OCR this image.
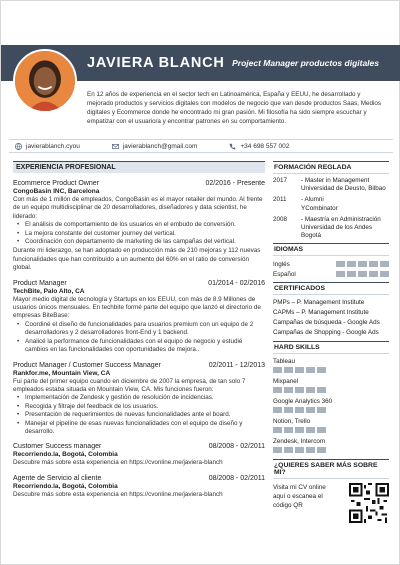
JAVIERA BLANCH Project Manager productos digitales
En 12 años de experiencia en el sector tech en Latinoamérica, España y EEUU, he desarrollado y mejorado productos y servicios digitales con modelos de negocio que van desde productos Saas, Medios digitales y Ecommerce donde he encontrado mi gran pasión. Mi filosofía ha sido siempre escuchar y empatizar con el usuario/a y encontrar patrones en su comportamiento.
javierablanch.cyou	javierablanch@gmail.com	+34 698 557 002
EXPERIENCIA PROFESIONAL
Ecommerce Product Owner	02/2016 - Presente
CongoBasin INC, Barcelona
Con más de 1 millón de empleados, CongoBasin es el mayor retailer del mundo. Al frente de un equipo multidisciplinar de 20 desarrolladores, diseñadores y data scientist, he liderado:
• El análisis de comportamiento de los usuarios en el embudo de conversión.
• La mejora constante del customer journey del vertical.
• Coordinación con departamento de marketing de las campañas del vertical.
Durante mi liderazgo, se han adoptado en producción más de 210 mejoras y 112 nuevas funcionalidades que han contribuido a un aumento del 60% en el ratio de conversión global.
Product Manager	01/2014 - 02/2016
TechBite, Palo Alto, CA
Mayor medio digital de tecnología y Startups en los EEUU, con más de 8.9 Millones de usuarios únicos mensuales. En techbite formé parte del equipo que lanzó el directorio de empresas BiteBase:
• Coordiné el diseño de funcionalidades para usuarios premium con un equipo de 2 desarrolladores y 2 desarrolladores front-End y 1 backend.
• Analicé la performance de funcionalidades con el equipo de negocio y estudié cambios en las funcionalidades con oportunidades de mejora..
Product Manager / Customer Success Manager	02/2011 - 12/2013
Rankfor.me, Mountain View, CA
Fui parte del primer equipo cuando en diciembre de 2007 la empresa, de tan solo 7 empleados estaba situada en Mountain View, CA. Mis funciones fueron:
• Implementación de Zendesk y gestión de resolución de incidencias.
• Recogida y filtraje del feedback de los usuarios.
• Presentación de requerimientos de nuevas funcionalidades ante el board.
• Manejar el pipeline de esas nuevas funcionalidades con el equipo de diseño y desarrollo.
Customer Success manager	08/2008 - 02/2011
Recorriendo.la, Bogotá, Colombia
Descubre más sobre esta experiencia en https://cvonline.me/javiera-blanch
Agente de Servicio al cliente	08/2008 - 02/2011
Recorriendo.la, Bogotá, Colombia
Descubre más sobre esta experiencia en https://cvonline.me/javiera-blanch
FORMACIÓN REGLADA
2017	- Master in Management
Universidad de Deusto, Bilbao
2011	- Alumni
YCombinator
2008	- Maestría en Administración
Universidad de los Andes Bogotá
IDIOMAS
Inglés
Español
CERTIFICADOS
PMPs – P. Management Institute
CAPMs – P. Management Institute
Campañas de búsqueda - Google Ads
Campañas de Shopping - Google Ads
HARD SKILLS
Tableau
Mixpanel
Google Analytics 360
Notion, Trello
Zendesk, Intercom
¿QUIERES SABER MÁS SOBRE MI?
Visita mi CV online aquí o escanea el código QR
